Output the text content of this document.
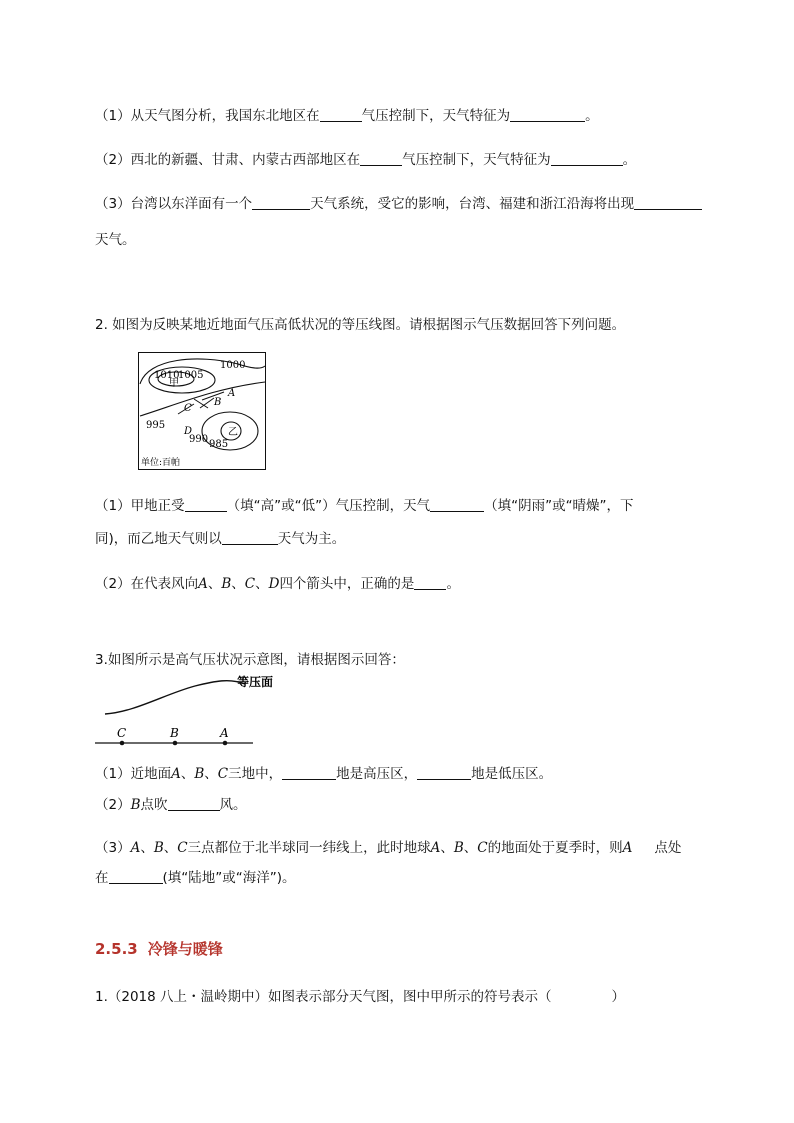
（1）从天气图分析，我国东北地区在	气压控制下，天气特征为	。
（2）西北的新疆、甘肃、内蒙古西部地区在	气压控制下，天气特征为	。
（3）台湾以东洋面有一个	天气系统，受它的影响，台湾、福建和浙江沿海将出现
天气。
2. 如图为反映某地近地面气压高低状况的等压线图。请根据图示气压数据回答下列问题。
1000
1010
1005
甲
A
B
C
D
995
990 985
乙
单位:百帕
（1）甲地正受	（填“高”或“低”）气压控制，天气	（填“阴雨”或“晴燥”，下
同)，而乙地天气则以	天气为主。
（2）在代表风向A、B、C、D四个箭头中，正确的是 。
3.如图所示是高气压状况示意图，请根据图示回答：
等压面
C	B	A
（1）近地面A、B、C三地中，	地是高压区，	地是低压区。
（2）B点吹	风。
（3）A、B、C三点都位于北半球同一纬线上，此时地球A、B、C的地面处于夏季时，则A 点处
在	(填“陆地”或“海洋”)。
2.5.3 冷锋与暖锋
1.（2018 八上・温岭期中）如图表示部分天气图，图中甲所示的符号表示（	）
